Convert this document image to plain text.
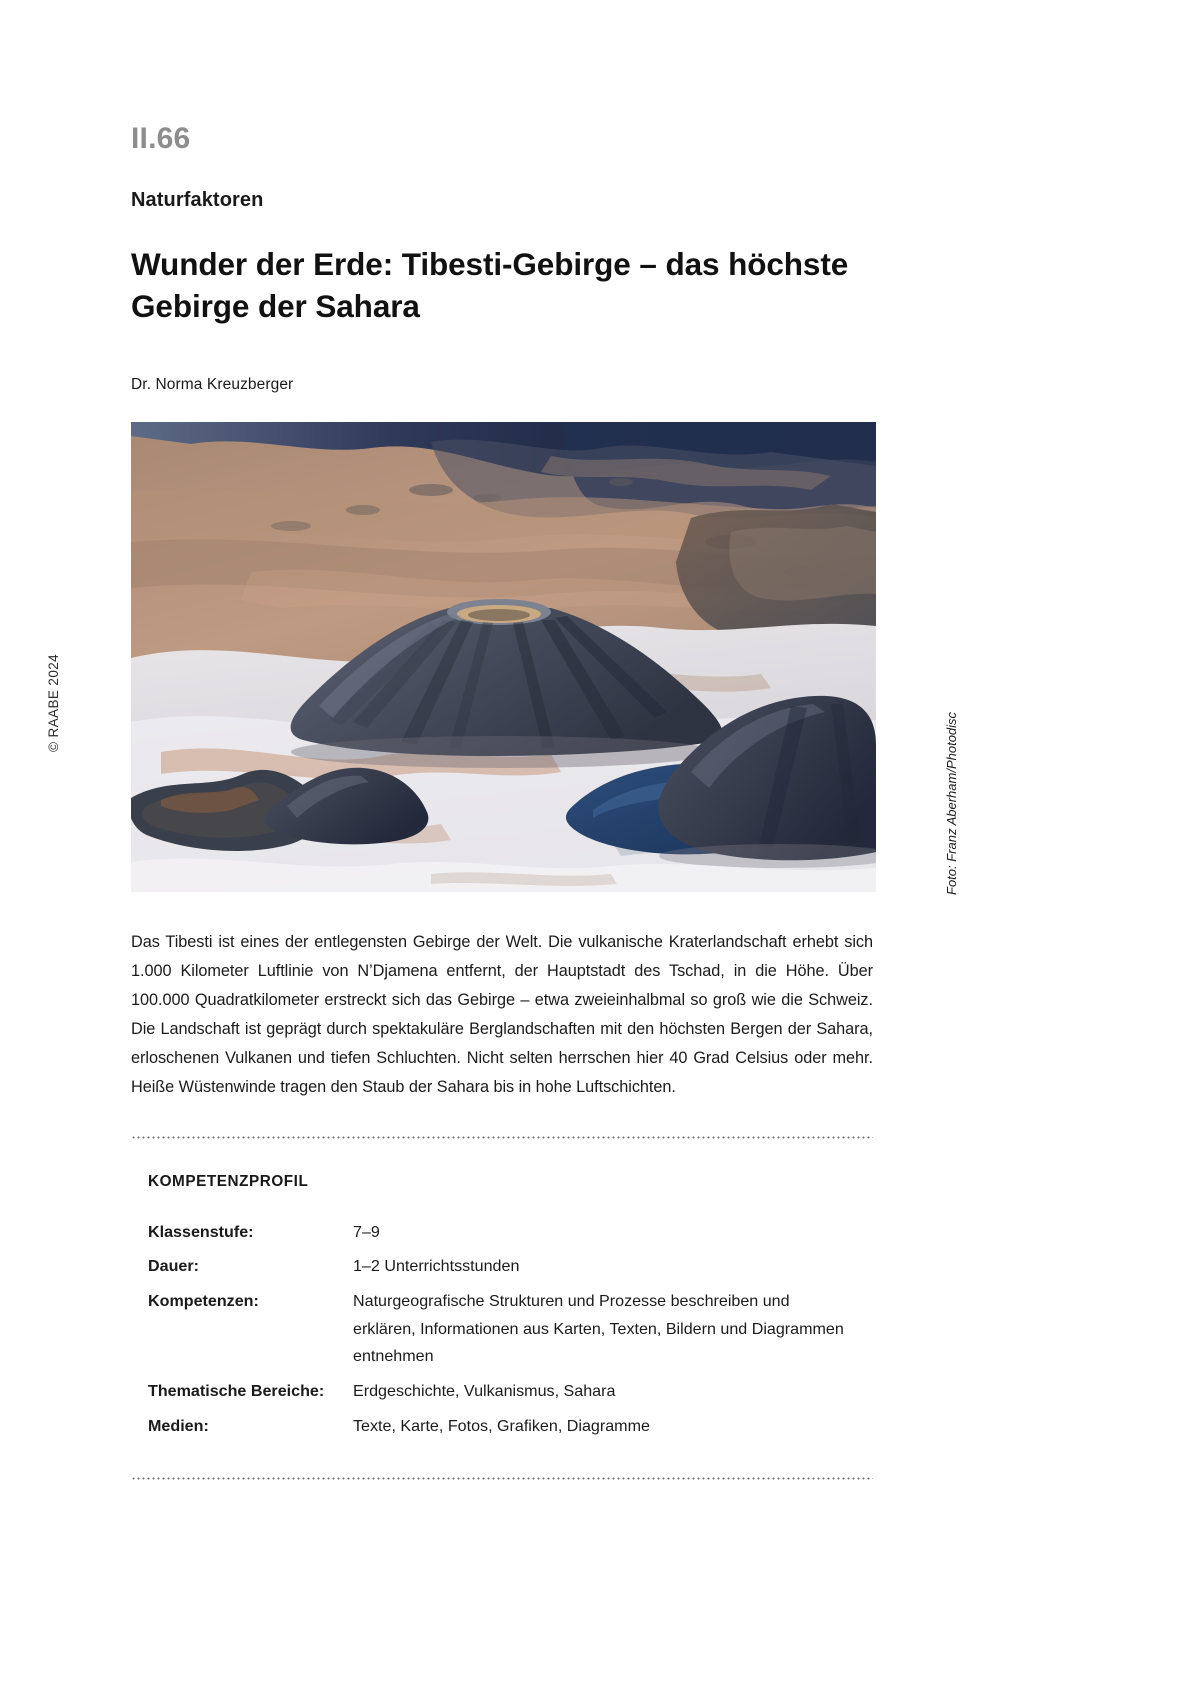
© RAABE 2024
Foto: Franz Aberham/Photodisc
II.66
Naturfaktoren
Wunder der Erde: Tibesti-Gebirge – das höchste Gebirge der Sahara
Dr. Norma Kreuzberger

Das Tibesti ist eines der entlegensten Gebirge der Welt. Die vulkanische Kraterlandschaft erhebt sich 1.000 Kilometer Luftlinie von N’Djamena entfernt, der Hauptstadt des Tschad, in die Höhe. Über 100.000 Quadratkilometer erstreckt sich das Gebirge – etwa zweieinhalbmal so groß wie die Schweiz. Die Landschaft ist geprägt durch spektakuläre Berglandschaften mit den höchsten Bergen der Sahara, erloschenen Vulkanen und tiefen Schluchten. Nicht selten herrschen hier 40 Grad Celsius oder mehr. Heiße Wüstenwinde tragen den Staub der Sahara bis in hohe Luftschichten.

KOMPETENZPROFIL
Klassenstufe:	7–9
Dauer:	1–2 Unterrichtsstunden
Kompetenzen:	Naturgeografische Strukturen und Prozesse beschreiben und erklären, Informationen aus Karten, Texten, Bildern und Diagrammen entnehmen
Thematische Bereiche:	Erdgeschichte, Vulkanismus, Sahara
Medien:	Texte, Karte, Fotos, Grafiken, Diagramme
